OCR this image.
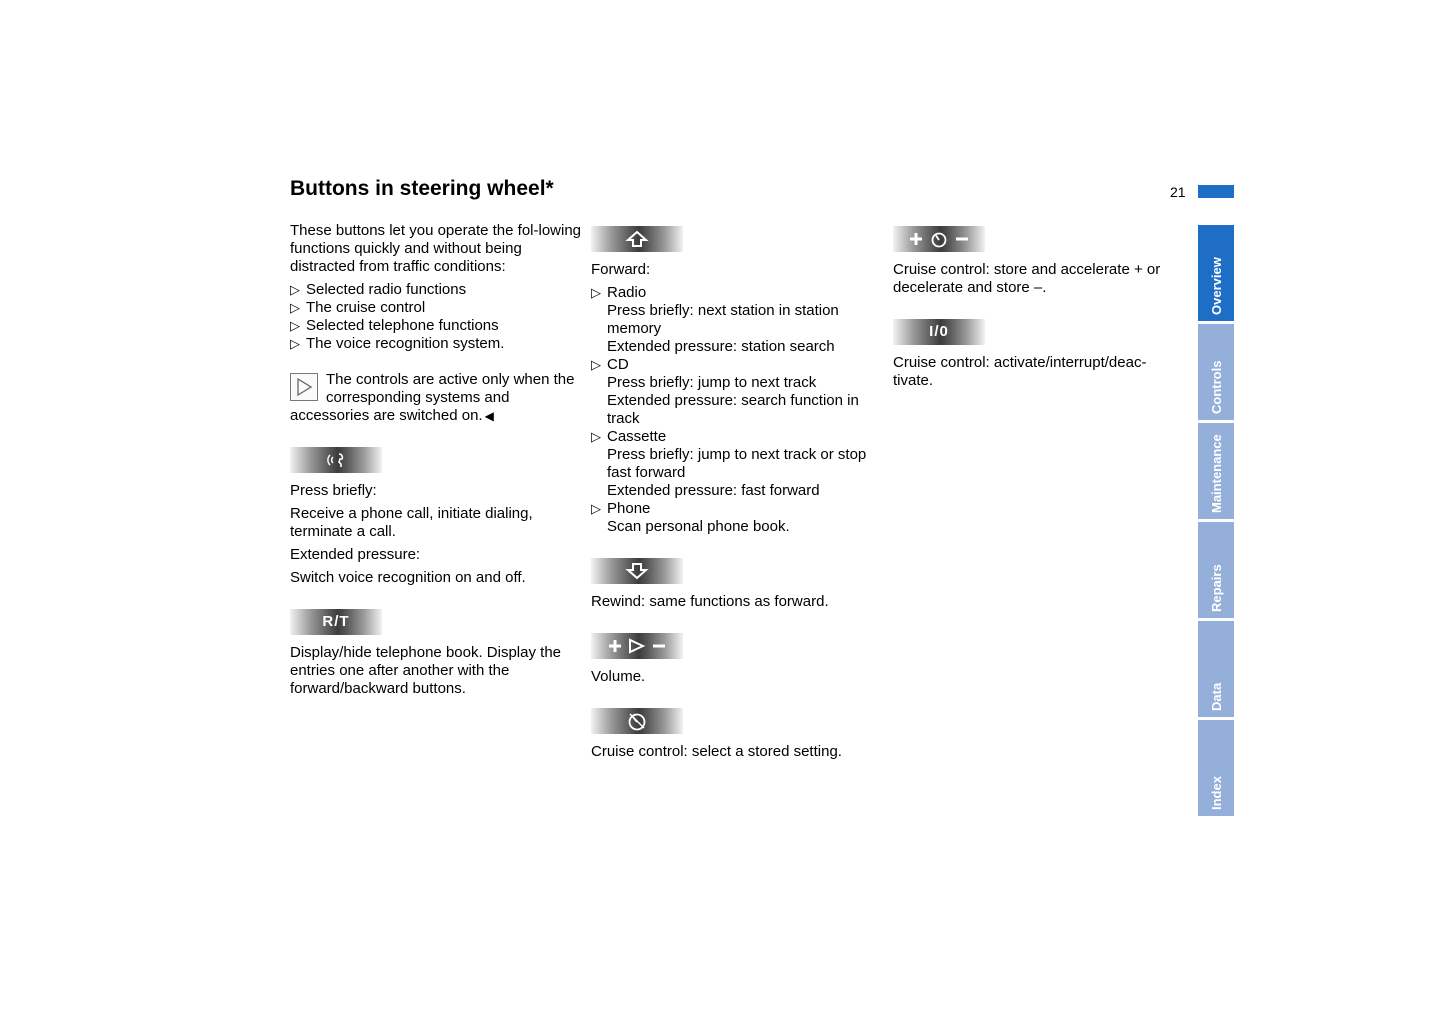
Buttons in steering wheel*	21

These buttons let you operate the fol-lowing functions quickly and without being distracted from traffic conditions:

▷ Selected radio functions
▷ The cruise control
▷ Selected telephone functions
▷ The voice recognition system.
The controls are active only when the corresponding systems and accessories are switched on. ◀

Press briefly:

Receive a phone call, initiate dialing, terminate a call.

Extended pressure:

Switch voice recognition on and off.

R/T

Display/hide telephone book. Display the entries one after another with the forward/backward buttons.

Forward:

▷ Radio
Press briefly: next station in station memory
Extended pressure: station search
▷ CD
Press briefly: jump to next track
Extended pressure: search function in track
▷ Cassette
Press briefly: jump to next track or stop fast forward
Extended pressure: fast forward
▷ Phone
Scan personal phone book.

Rewind: same functions as forward.

Volume.

Cruise control: select a stored setting.

Cruise control: store and accelerate + or decelerate and store –.

I/0

Cruise control: activate/interrupt/deac-tivate.

Overview
Controls
Maintenance
Repairs
Data
Index
